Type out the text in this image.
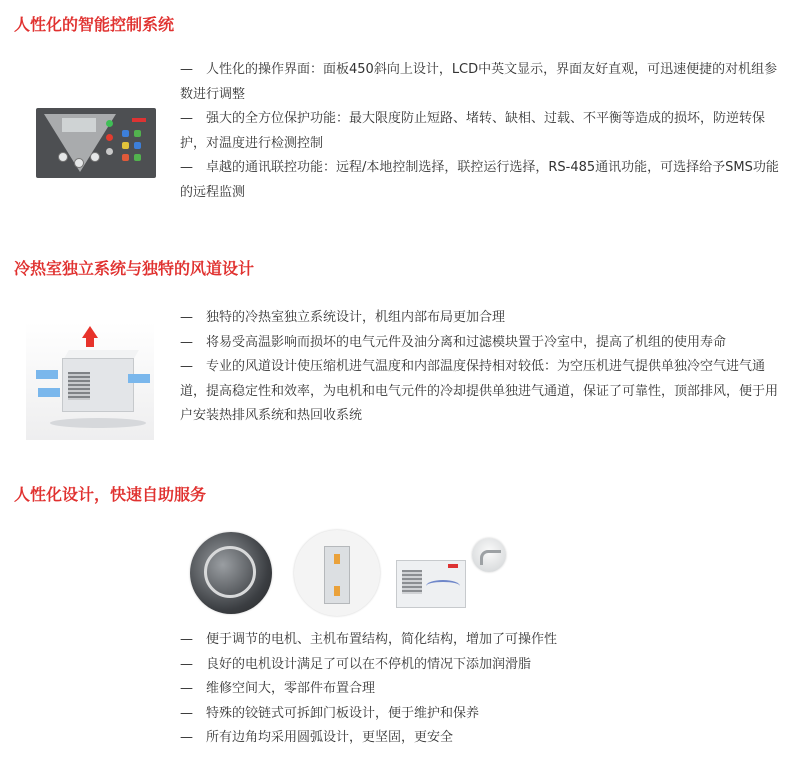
人性化的智能控制系统

— 人性化的操作界面：面板450斜向上设计，LCD中英文显示，界面友好直观，可迅速便捷的对机组参数进行调整

— 强大的全方位保护功能：最大限度防止短路、堵转、缺相、过载、不平衡等造成的损坏，防逆转保护，对温度进行检测控制

— 卓越的通讯联控功能：远程/本地控制选择，联控运行选择，RS-485通讯功能，可选择给予SMS功能的远程监测

冷热室独立系统与独特的风道设计

— 独特的冷热室独立系统设计，机组内部布局更加合理

— 将易受高温影响而损坏的电气元件及油分离和过滤模块置于冷室中，提高了机组的使用寿命

— 专业的风道设计使压缩机进气温度和内部温度保持相对较低：为空压机进气提供单独冷空气进气通道，提高稳定性和效率，为电机和电气元件的冷却提供单独进气通道，保证了可靠性，顶部排风，便于用户安装热排风系统和热回收系统

人性化设计，快速自助服务

— 便于调节的电机、主机布置结构，简化结构，增加了可操作性

— 良好的电机设计满足了可以在不停机的情况下添加润滑脂

— 维修空间大，零部件布置合理

— 特殊的铰链式可拆卸门板设计，便于维护和保养

— 所有边角均采用圆弧设计，更坚固，更安全
